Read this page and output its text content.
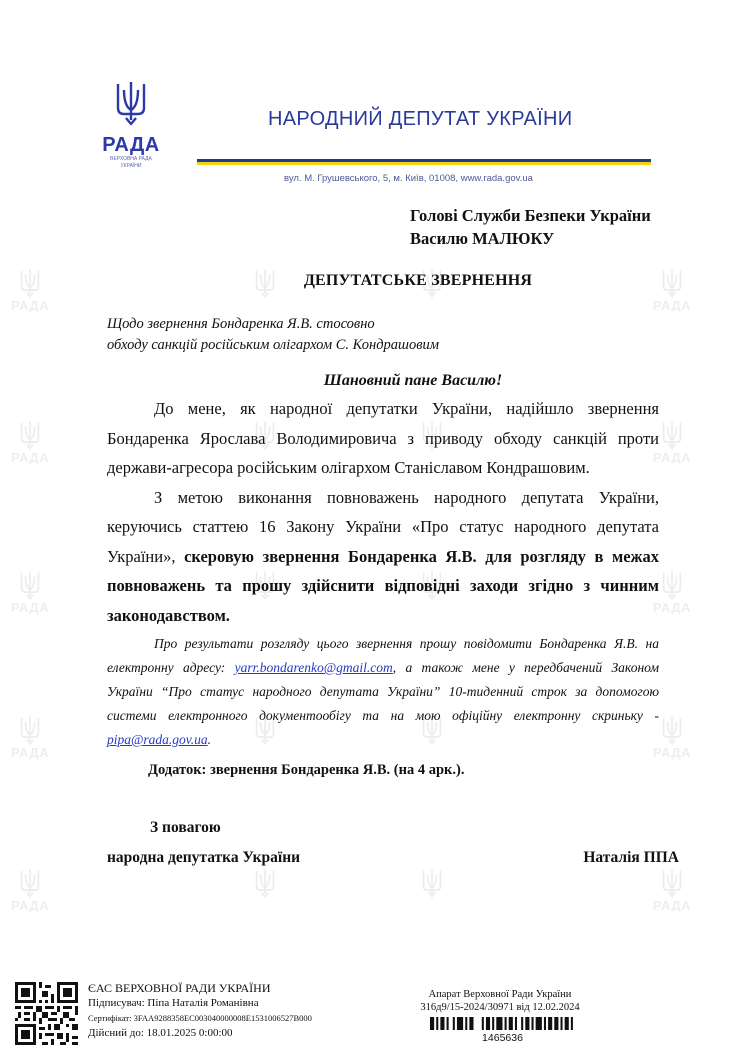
РАДА	РАДА
РАДА	РАДА
РАДА	РАДА
РАДА	РАДА
РАДА	РАДА
РАДА
ВЕРХОВНА РАДА
УКРАЇНИ
НАРОДНИЙ ДЕПУТАТ УКРАЇНИ
вул. М. Грушевського, 5, м. Київ, 01008, www.rada.gov.ua
Голові Служби Безпеки України
Василю МАЛЮКУ
ДЕПУТАТСЬКЕ ЗВЕРНЕННЯ
Щодо звернення Бондаренка Я.В. стосовно
обходу санкцій російським олігархом С. Кондрашовим
Шановний пане Василю!
До мене, як народної депутатки України, надійшло звернення Бондаренка Ярослава Володимировича з приводу обходу санкцій проти держави-агресора російським олігархом Станіславом Кондрашовим.
З метою виконання повноважень народного депутата України, керуючись статтею 16 Закону України «Про статус народного депутата України», скеровую звернення Бондаренка Я.В. для розгляду в межах повноважень та прошу здійснити відповідні заходи згідно з чинним законодавством.
Про результати розгляду цього звернення прошу повідомити Бондаренка Я.В. на електронну адресу: yarr.bondarenko@gmail.com, а також мене у передбачений Законом України “Про статус народного депутата України” 10-тиденний строк за допомогою системи електронного документообігу та на мою офіційну електронну скриньку - pipa@rada.gov.ua.
Додаток: звернення Бондаренка Я.В. (на 4 арк.).
З повагою
народна депутатка України	Наталія ППА
ЄАС ВЕРХОВНОЇ РАДИ УКРАЇНИ
Підписувач: Піпа Наталія Романівна
Сертифікат: 3FAA9288358EC003040000008E1531006527B000
Дійсний до: 18.01.2025 0:00:00
Апарат Верховної Ради України
316д9/15-2024/30971 від 12.02.2024
1465636
